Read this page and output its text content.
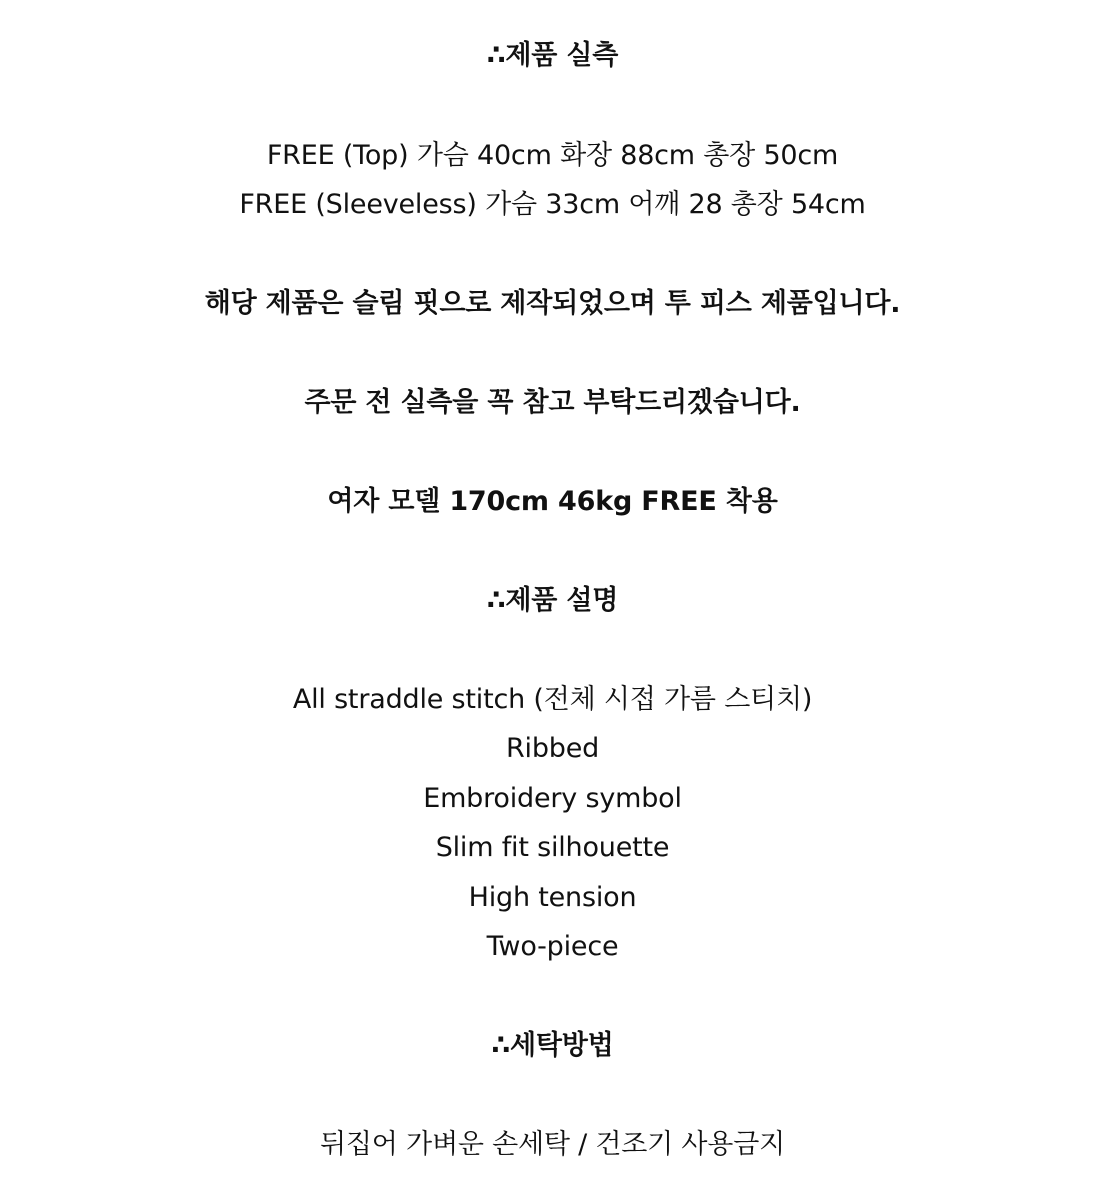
∴제품 실측
FREE (Top) 가슴 40cm 화장 88cm 총장 50cm
FREE (Sleeveless) 가슴 33cm 어깨 28 총장 54cm
해당 제품은 슬림 핏으로 제작되었으며 투 피스 제품입니다.
주문 전 실측을 꼭 참고 부탁드리겠습니다.
여자 모델 170cm 46kg FREE 착용
∴제품 설명
All straddle stitch (전체 시접 가름 스티치)
Ribbed
Embroidery symbol
Slim fit silhouette
High tension
Two-piece
∴세탁방법
뒤집어 가벼운 손세탁 / 건조기 사용금지
